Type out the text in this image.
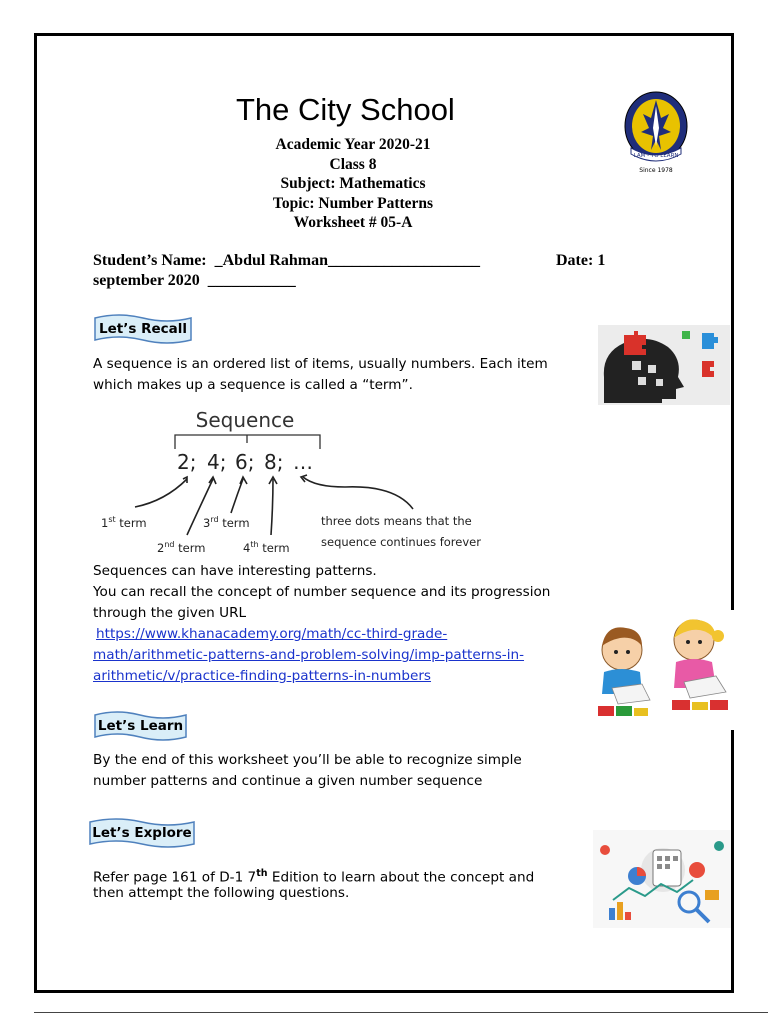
The City School
Academic Year 2020-21
Class 8
Subject: Mathematics
Topic: Number Patterns
Worksheet # 05-A
I AM - TO LEARN
Since 1978
Student’s Name:  _Abdul Rahman___________________	Date: 1
september 2020  ___________
Let’s Recall
A sequence is an ordered list of items, usually numbers. Each item
which makes up a sequence is called a “term”.
Sequence
2; 4; 6; 8; …
1st term
2nd term
3rd term
4th term
three dots means that the
sequence continues forever
Sequences can have interesting patterns.
You can recall the concept of number sequence and its progression
through the given URL
https://www.khanacademy.org/math/cc-third-grade-

math/arithmetic-patterns-and-problem-solving/imp-patterns-in-
arithmetic/v/practice-finding-patterns-in-numbers
Let’s Learn
By the end of this worksheet you’ll be able to recognize simple
number patterns and continue a given number sequence
Let’s Explore
Refer page 161 of D-1 7th Edition to learn about the concept and
then attempt the following questions.
